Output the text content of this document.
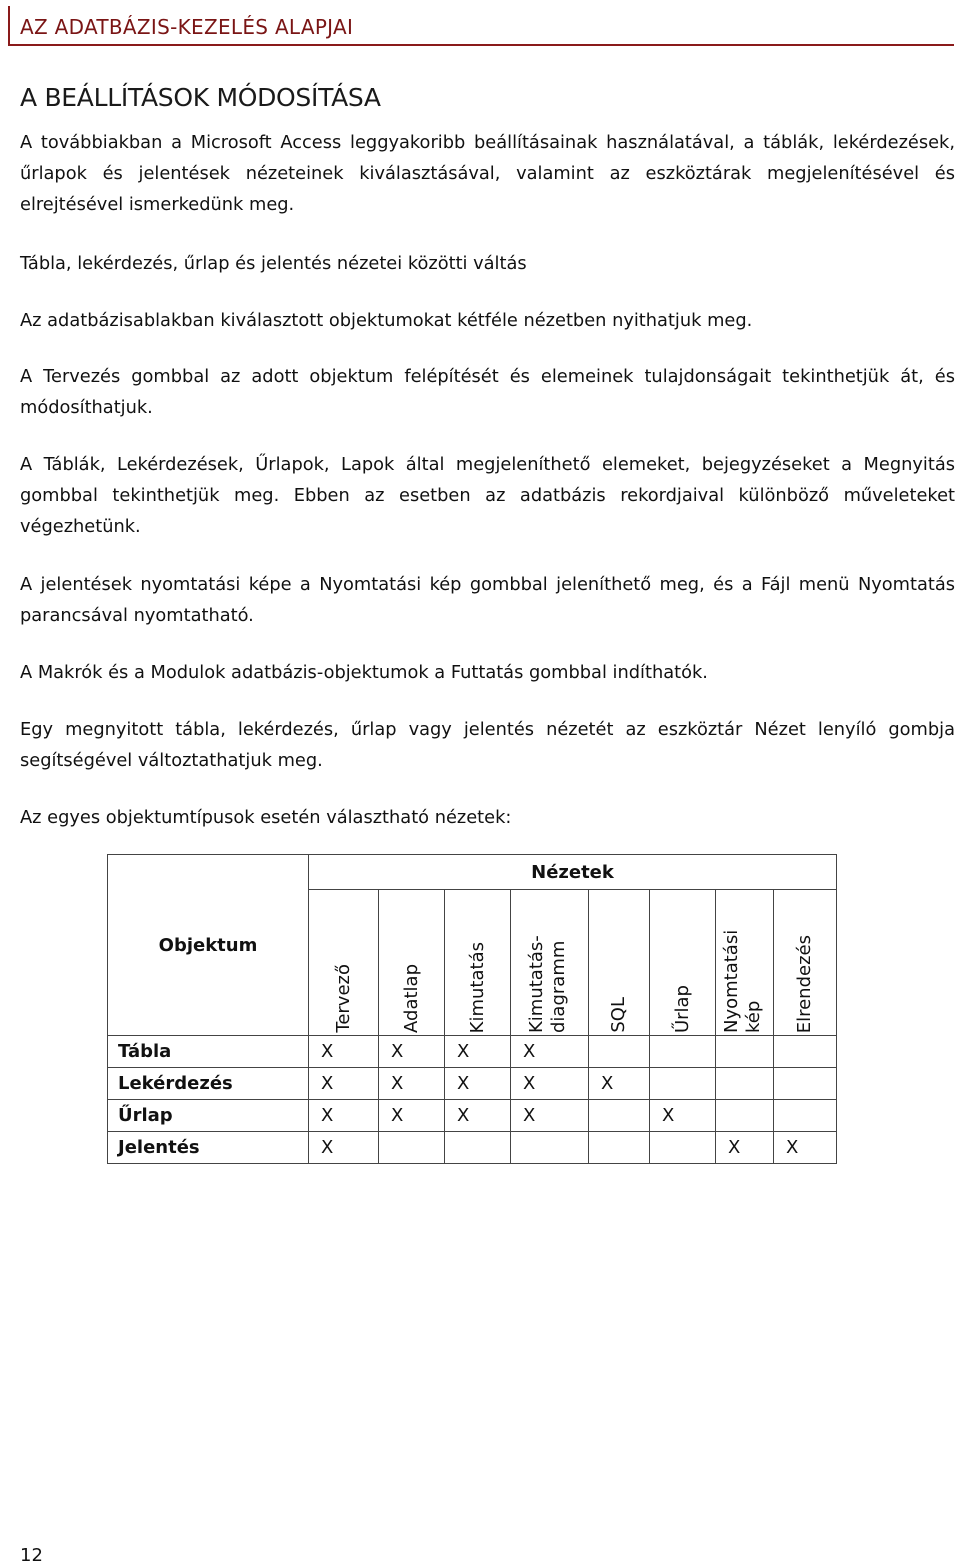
AZ ADATBÁZIS-KEZELÉS ALAPJAI
A BEÁLLÍTÁSOK MÓDOSÍTÁSA

A továbbiakban a Microsoft Access leggyakoribb beállításainak használatával, a táblák, lekérdezések, űrlapok és jelentések nézeteinek kiválasztásával, valamint az eszköztárak megjelenítésével és elrejtésével ismerkedünk meg.

Tábla, lekérdezés, űrlap és jelentés nézetei közötti váltás

Az adatbázisablakban kiválasztott objektumokat kétféle nézetben nyithatjuk meg.

A Tervezés gombbal az adott objektum felépítését és elemeinek tulajdonságait tekinthetjük át, és módosíthatjuk.

A Táblák, Lekérdezések, Űrlapok, Lapok által megjeleníthető elemeket, bejegyzéseket a Megnyitás gombbal tekinthetjük meg. Ebben az esetben az adatbázis rekordjaival különböző műveleteket végezhetünk.

A jelentések nyomtatási képe a Nyomtatási kép gombbal jeleníthető meg, és a Fájl menü Nyomtatás parancsával nyomtatható.

A Makrók és a Modulok adatbázis-objektumok a Futtatás gombbal indíthatók.

Egy megnyitott tábla, lekérdezés, űrlap vagy jelentés nézetét az eszköztár Nézet lenyíló gombja segítségével változtathatjuk meg.

Az egyes objektumtípusok esetén választható nézetek:

Objektum	Nézetek							

	Tervező	Adatlap	Kimutatás	Kimutatás-diagramm	SQL	Űrlap	Nyomtatási kép	Elrendezés

Tábla	X	X	X	X				
Lekérdezés	X	X	X	X	X			
Űrlap	X	X	X	X		X		
Jelentés	X						X	X
12
